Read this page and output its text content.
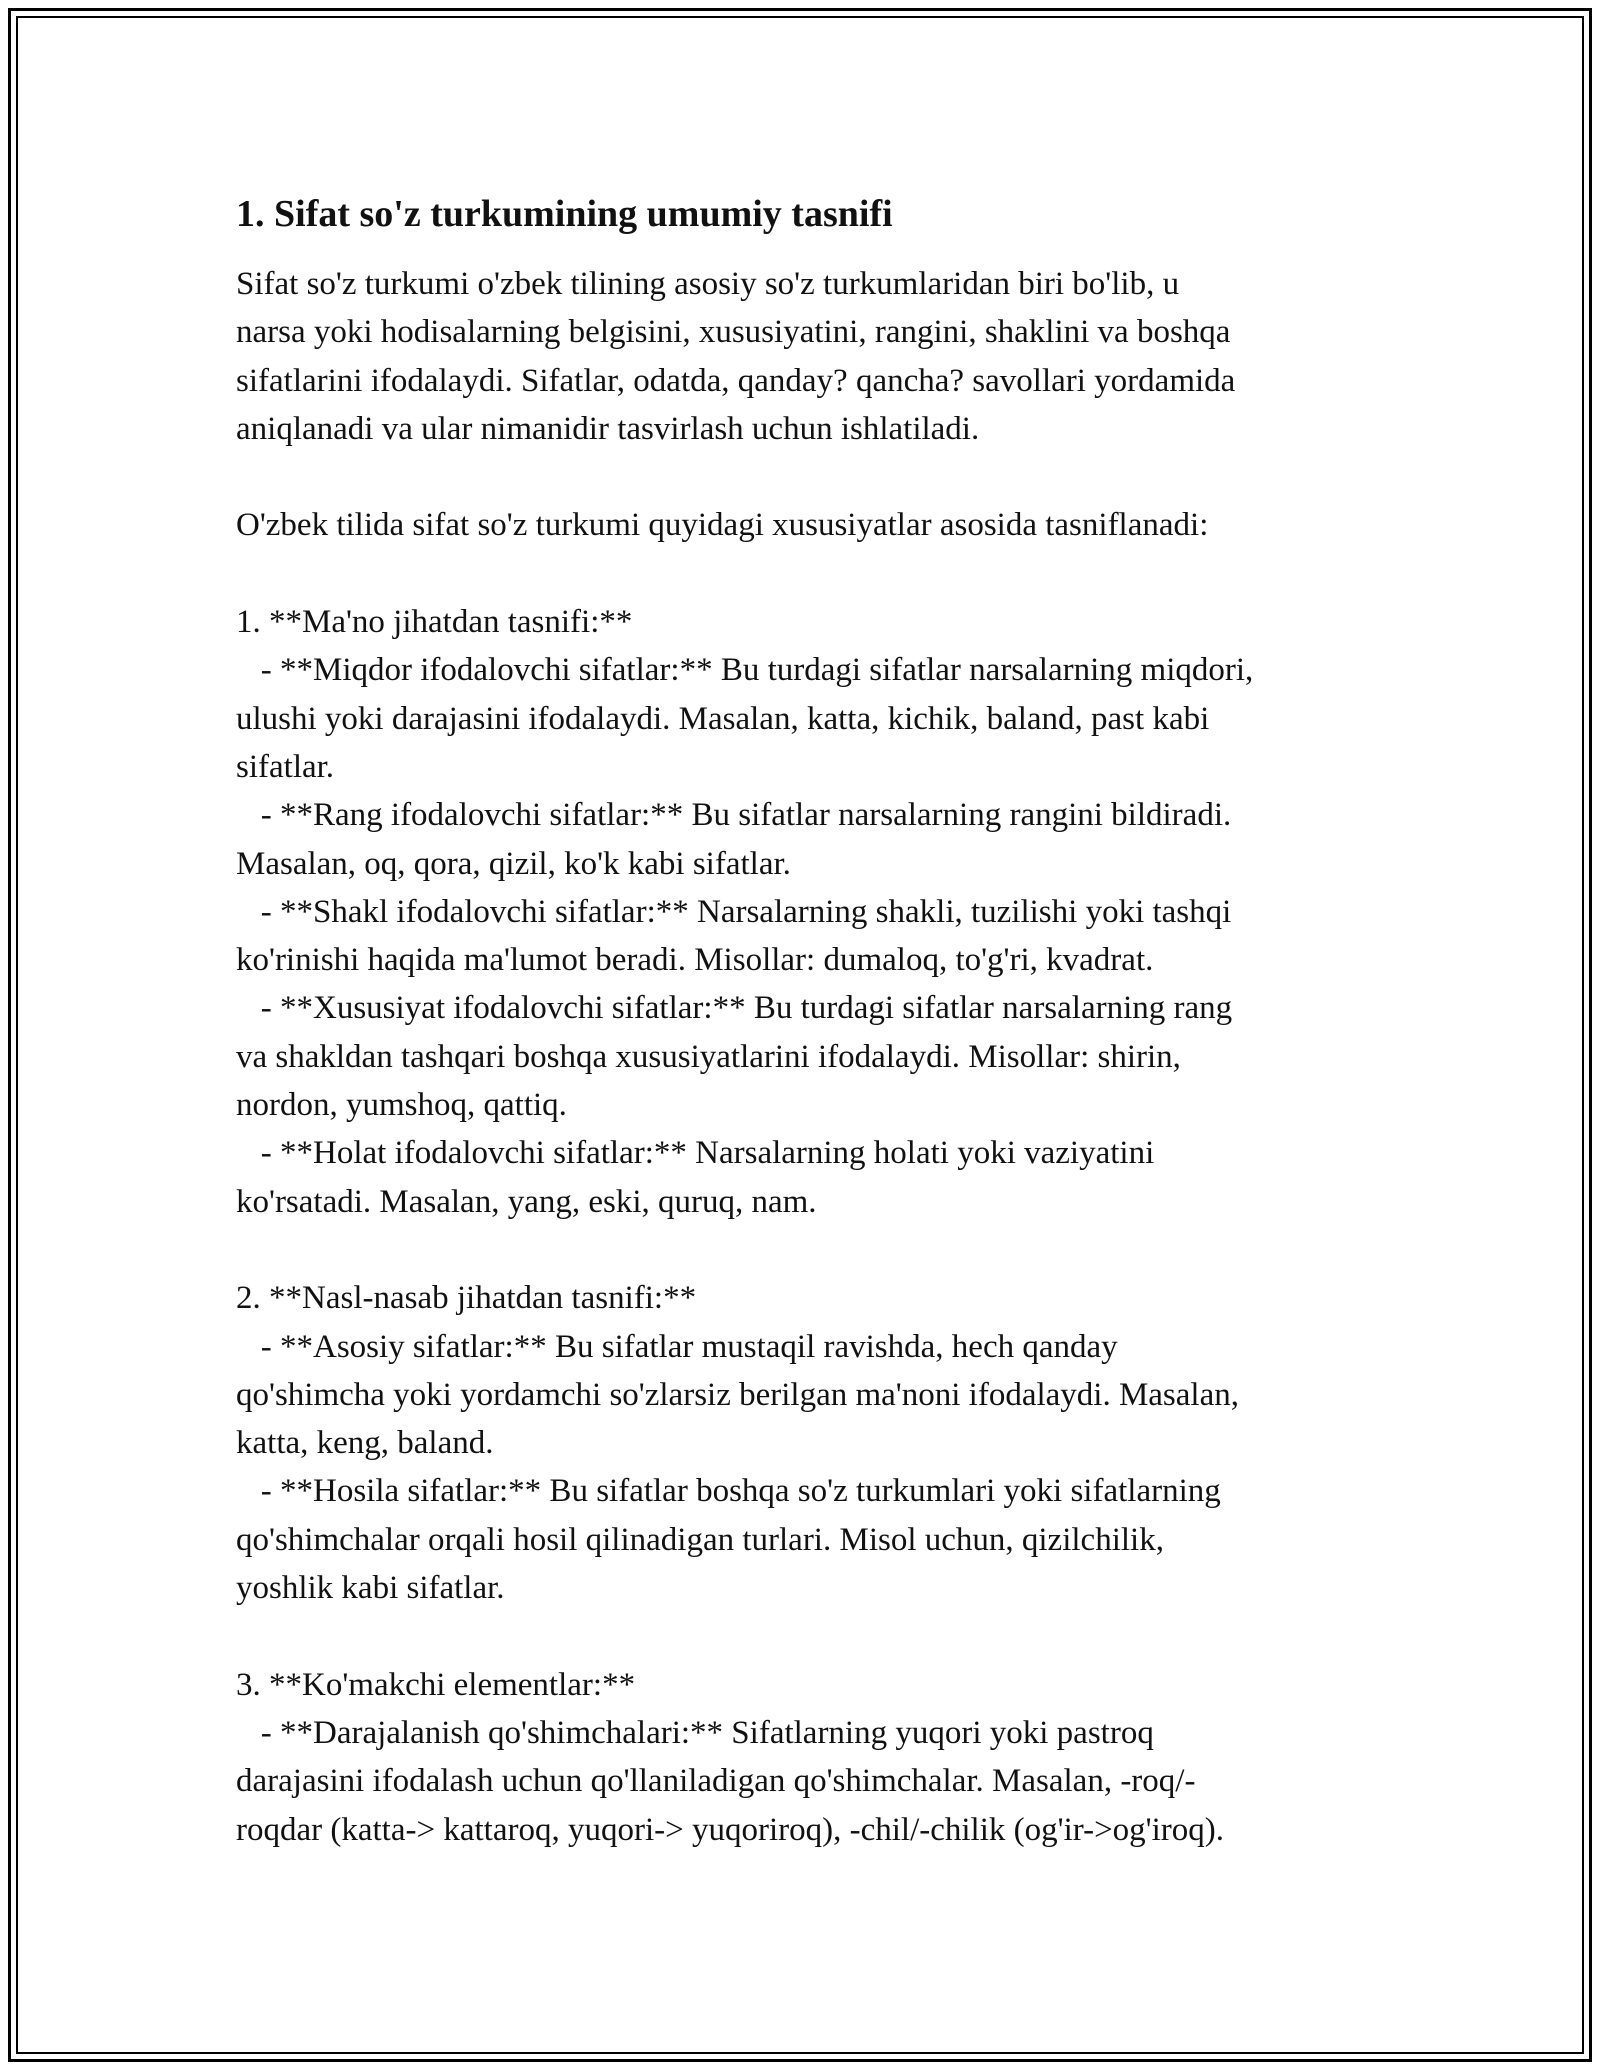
1. Sifat so'z turkumining umumiy tasnifi
Sifat so'z turkumi o'zbek tilining asosiy so'z turkumlaridan biri bo'lib, u
narsa yoki hodisalarning belgisini, xususiyatini, rangini, shaklini va boshqa
sifatlarini ifodalaydi. Sifatlar, odatda, qanday? qancha? savollari yordamida
aniqlanadi va ular nimanidir tasvirlash uchun ishlatiladi.
O'zbek tilida sifat so'z turkumi quyidagi xususiyatlar asosida tasniflanadi:
1. **Ma'no jihatdan tasnifi:**
- **Miqdor ifodalovchi sifatlar:** Bu turdagi sifatlar narsalarning miqdori,
ulushi yoki darajasini ifodalaydi. Masalan, katta, kichik, baland, past kabi
sifatlar.
- **Rang ifodalovchi sifatlar:** Bu sifatlar narsalarning rangini bildiradi.
Masalan, oq, qora, qizil, ko'k kabi sifatlar.
- **Shakl ifodalovchi sifatlar:** Narsalarning shakli, tuzilishi yoki tashqi
ko'rinishi haqida ma'lumot beradi. Misollar: dumaloq, to'g'ri, kvadrat.
- **Xususiyat ifodalovchi sifatlar:** Bu turdagi sifatlar narsalarning rang
va shakldan tashqari boshqa xususiyatlarini ifodalaydi. Misollar: shirin,
nordon, yumshoq, qattiq.
- **Holat ifodalovchi sifatlar:** Narsalarning holati yoki vaziyatini
ko'rsatadi. Masalan, yang, eski, quruq, nam.
2. **Nasl-nasab jihatdan tasnifi:**
- **Asosiy sifatlar:** Bu sifatlar mustaqil ravishda, hech qanday
qo'shimcha yoki yordamchi so'zlarsiz berilgan ma'noni ifodalaydi. Masalan,
katta, keng, baland.
- **Hosila sifatlar:** Bu sifatlar boshqa so'z turkumlari yoki sifatlarning
qo'shimchalar orqali hosil qilinadigan turlari. Misol uchun, qizilchilik,
yoshlik kabi sifatlar.
3. **Ko'makchi elementlar:**
- **Darajalanish qo'shimchalari:** Sifatlarning yuqori yoki pastroq
darajasini ifodalash uchun qo'llaniladigan qo'shimchalar. Masalan, -roq/-
roqdar (katta-> kattaroq, yuqori-> yuqoriroq), -chil/-chilik (og'ir->og'iroq).
